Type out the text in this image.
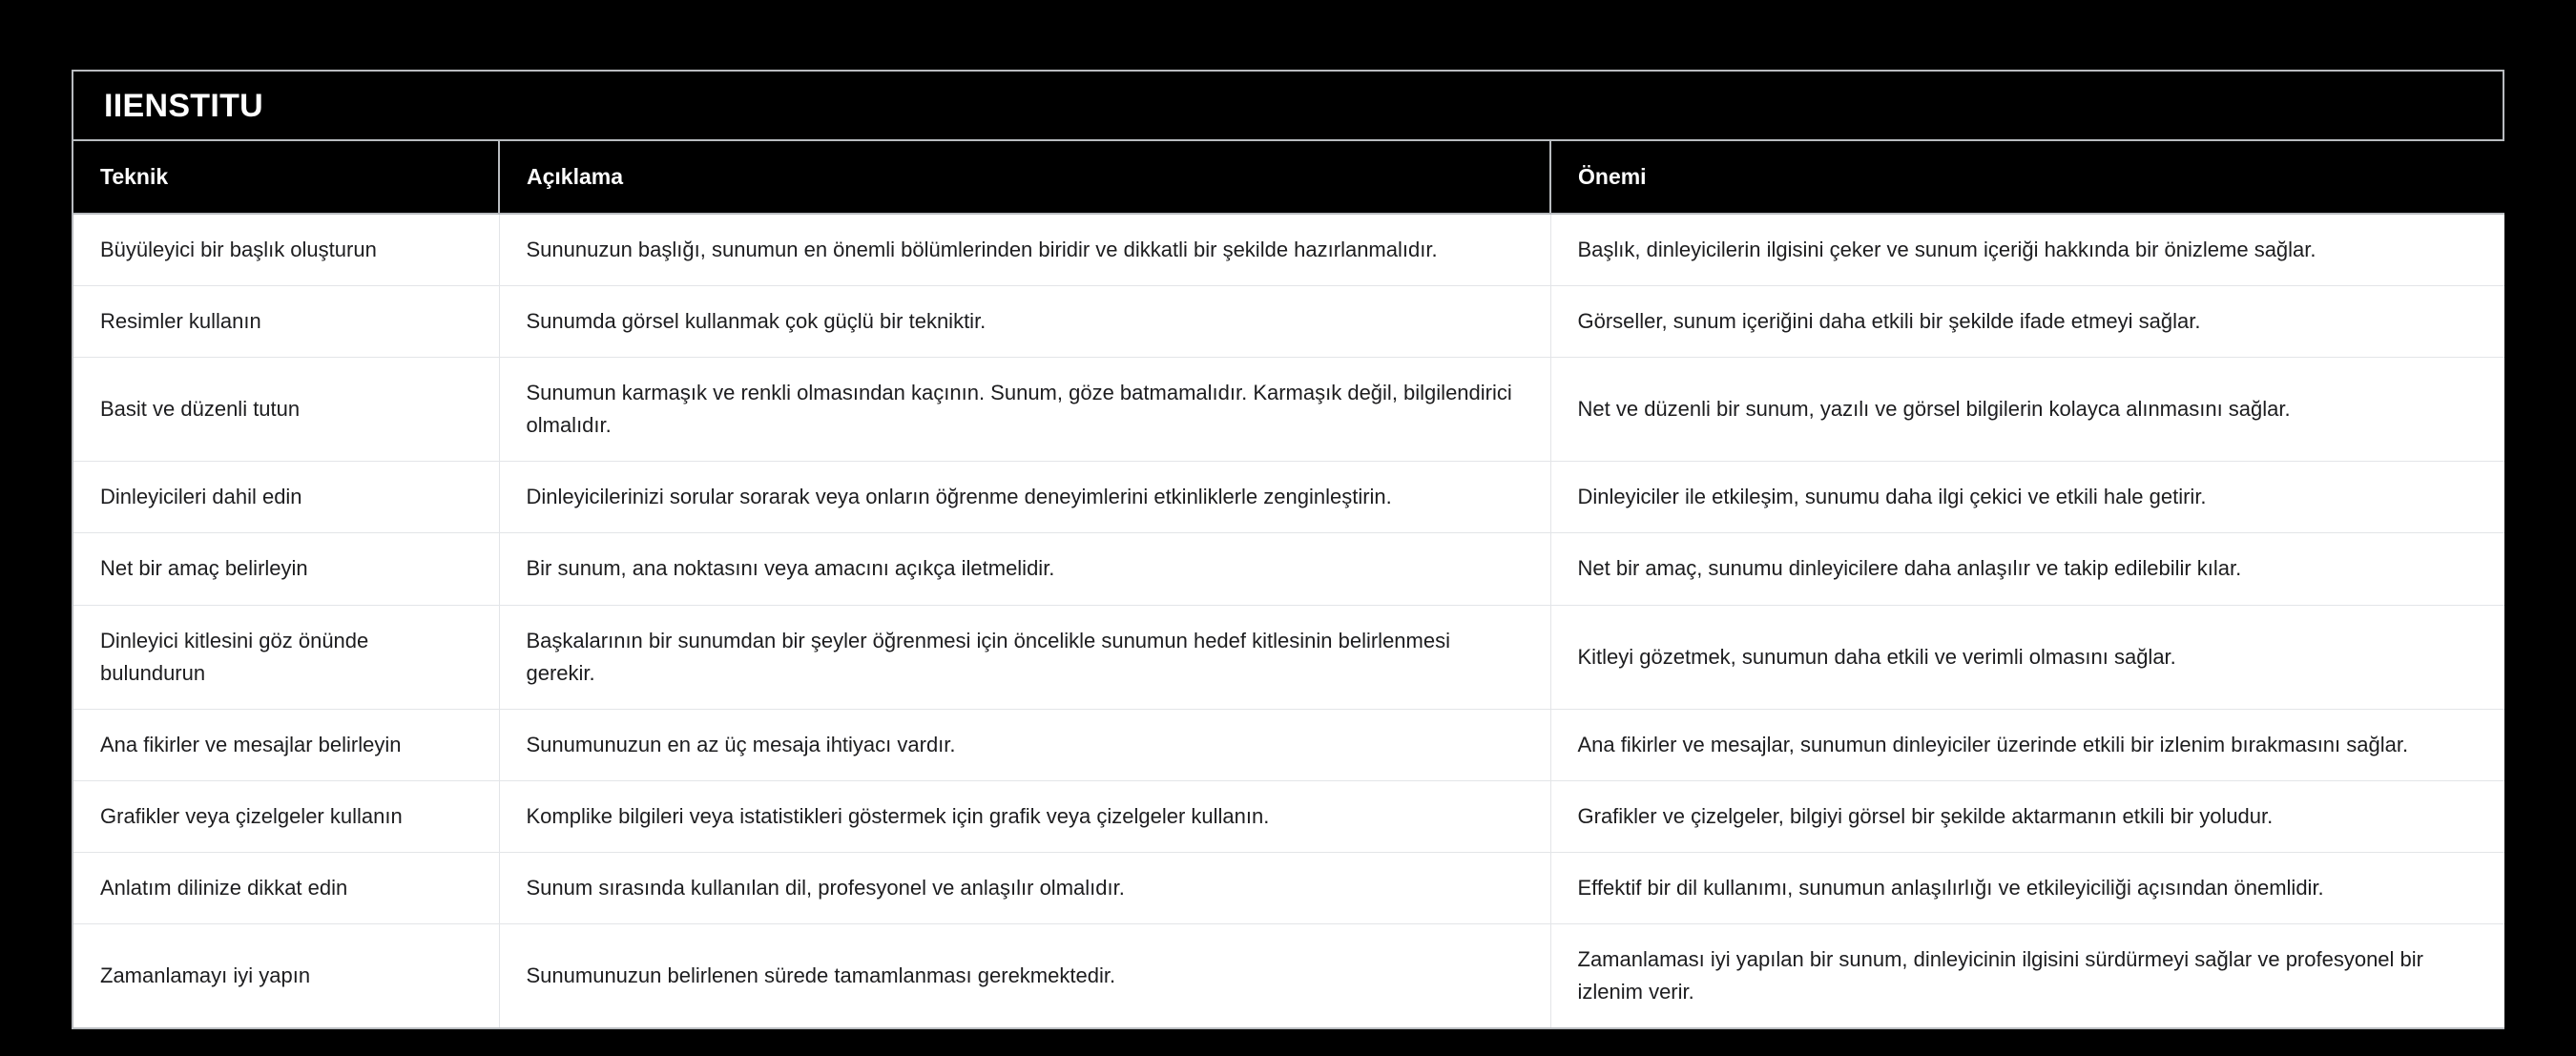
IIENSTITU
Teknik	Açıklama	Önemi

Büyüleyici bir başlık oluşturun	Sununuzun başlığı, sunumun en önemli bölümlerinden biridir ve dikkatli bir şekilde hazırlanmalıdır.	Başlık, dinleyicilerin ilgisini çeker ve sunum içeriği hakkında bir önizleme sağlar.

Resimler kullanın	Sunumda görsel kullanmak çok güçlü bir tekniktir.	Görseller, sunum içeriğini daha etkili bir şekilde ifade etmeyi sağlar.

Basit ve düzenli tutun	Sunumun karmaşık ve renkli olmasından kaçının. Sunum, göze batmamalıdır. Karmaşık değil, bilgilendirici olmalıdır.	Net ve düzenli bir sunum, yazılı ve görsel bilgilerin kolayca alınmasını sağlar.

Dinleyicileri dahil edin	Dinleyicilerinizi sorular sorarak veya onların öğrenme deneyimlerini etkinliklerle zenginleştirin.	Dinleyiciler ile etkileşim, sunumu daha ilgi çekici ve etkili hale getirir.

Net bir amaç belirleyin	Bir sunum, ana noktasını veya amacını açıkça iletmelidir.	Net bir amaç, sunumu dinleyicilere daha anlaşılır ve takip edilebilir kılar.

Dinleyici kitlesini göz önünde bulundurun	Başkalarının bir sunumdan bir şeyler öğrenmesi için öncelikle sunumun hedef kitlesinin belirlenmesi gerekir.	Kitleyi gözetmek, sunumun daha etkili ve verimli olmasını sağlar.

Ana fikirler ve mesajlar belirleyin	Sunumunuzun en az üç mesaja ihtiyacı vardır.	Ana fikirler ve mesajlar, sunumun dinleyiciler üzerinde etkili bir izlenim bırakmasını sağlar.

Grafikler veya çizelgeler kullanın	Komplike bilgileri veya istatistikleri göstermek için grafik veya çizelgeler kullanın.	Grafikler ve çizelgeler, bilgiyi görsel bir şekilde aktarmanın etkili bir yoludur.

Anlatım dilinize dikkat edin	Sunum sırasında kullanılan dil, profesyonel ve anlaşılır olmalıdır.	Effektif bir dil kullanımı, sunumun anlaşılırlığı ve etkileyiciliği açısından önemlidir.

Zamanlamayı iyi yapın	Sunumunuzun belirlenen sürede tamamlanması gerekmektedir.	Zamanlaması iyi yapılan bir sunum, dinleyicinin ilgisini sürdürmeyi sağlar ve profesyonel bir izlenim verir.
